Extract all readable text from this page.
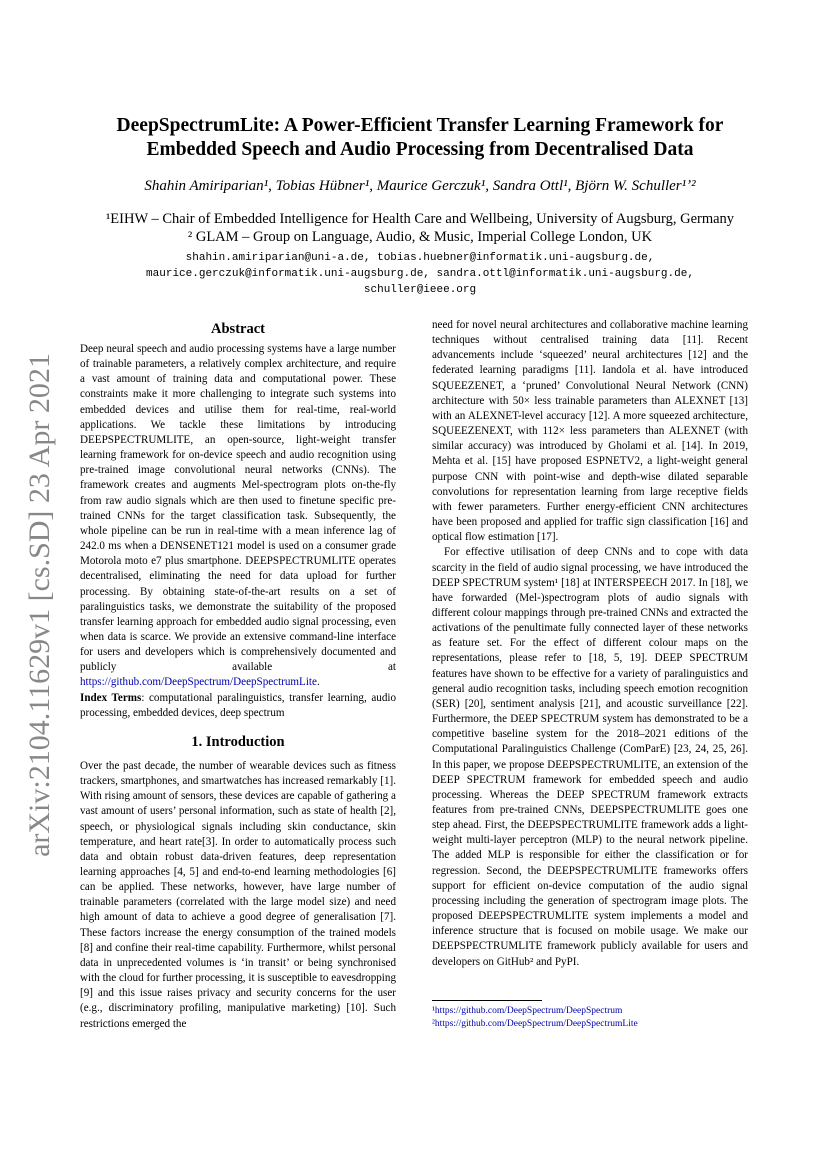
arXiv:2104.11629v1 [cs.SD] 23 Apr 2021
DeepSpectrumLite: A Power-Efficient Transfer Learning Framework for
Embedded Speech and Audio Processing from Decentralised Data
Shahin Amiriparian¹, Tobias Hübner¹, Maurice Gerczuk¹, Sandra Ottl¹, Björn W. Schuller¹ʼ²
¹EIHW – Chair of Embedded Intelligence for Health Care and Wellbeing, University of Augsburg, Germany
² GLAM – Group on Language, Audio, & Music, Imperial College London, UK
shahin.amiriparian@uni-a.de, tobias.huebner@informatik.uni-augsburg.de,
maurice.gerczuk@informatik.uni-augsburg.de, sandra.ottl@informatik.uni-augsburg.de,
schuller@ieee.org
Abstract

Deep neural speech and audio processing systems have a large number of trainable parameters, a relatively complex architecture, and require a vast amount of training data and computational power. These constraints make it more challenging to integrate such systems into embedded devices and utilise them for real-time, real-world applications. We tackle these limitations by introducing DEEPSPECTRUMLITE, an open-source, light-weight transfer learning framework for on-device speech and audio recognition using pre-trained image convolutional neural networks (CNNs). The framework creates and augments Mel-spectrogram plots on-the-fly from raw audio signals which are then used to finetune specific pre-trained CNNs for the target classification task. Subsequently, the whole pipeline can be run in real-time with a mean inference lag of 242.0 ms when a DENSENET121 model is used on a consumer grade Motorola moto e7 plus smartphone. DEEPSPECTRUMLITE operates decentralised, eliminating the need for data upload for further processing. By obtaining state-of-the-art results on a set of paralinguistics tasks, we demonstrate the suitability of the proposed transfer learning approach for embedded audio signal processing, even when data is scarce. We provide an extensive command-line interface for users and developers which is comprehensively documented and publicly available at https://github.com/DeepSpectrum/DeepSpectrumLite.

Index Terms: computational paralinguistics, transfer learning, audio processing, embedded devices, deep spectrum

1. Introduction

Over the past decade, the number of wearable devices such as fitness trackers, smartphones, and smartwatches has increased remarkably [1]. With rising amount of sensors, these devices are capable of gathering a vast amount of users’ personal information, such as state of health [2], speech, or physiological signals including skin conductance, skin temperature, and heart rate[3]. In order to automatically process such data and obtain robust data-driven features, deep representation learning approaches [4, 5] and end-to-end learning methodologies [6] can be applied. These networks, however, have large number of trainable parameters (correlated with the large model size) and need high amount of data to achieve a good degree of generalisation [7]. These factors increase the energy consumption of the trained models [8] and confine their real-time capability. Furthermore, whilst personal data in unprecedented volumes is ‘in transit’ or being synchronised with the cloud for further processing, it is susceptible to eavesdropping [9] and this issue raises privacy and security concerns for the user (e.g., discriminatory profiling, manipulative marketing) [10]. Such restrictions emerged the

need for novel neural architectures and collaborative machine learning techniques without centralised training data [11]. Recent advancements include ‘squeezed’ neural architectures [12] and the federated learning paradigms [11]. Iandola et al. have introduced SQUEEZENET, a ‘pruned’ Convolutional Neural Network (CNN) architecture with 50× less trainable parameters than ALEXNET [13] with an ALEXNET-level accuracy [12]. A more squeezed architecture, SQUEEZENEXT, with 112× less parameters than ALEXNET (with similar accuracy) was introduced by Gholami et al. [14]. In 2019, Mehta et al. [15] have proposed ESPNETV2, a light-weight general purpose CNN with point-wise and depth-wise dilated separable convolutions for representation learning from large receptive fields with fewer parameters. Further energy-efficient CNN architectures have been proposed and applied for traffic sign classification [16] and optical flow estimation [17].

For effective utilisation of deep CNNs and to cope with data scarcity in the field of audio signal processing, we have introduced the DEEP SPECTRUM system¹ [18] at INTERSPEECH 2017. In [18], we have forwarded (Mel-)spectrogram plots of audio signals with different colour mappings through pre-trained CNNs and extracted the activations of the penultimate fully connected layer of these networks as feature set. For the effect of different colour maps on the representations, please refer to [18, 5, 19]. DEEP SPECTRUM features have shown to be effective for a variety of paralinguistics and general audio recognition tasks, including speech emotion recognition (SER) [20], sentiment analysis [21], and acoustic surveillance [22]. Furthermore, the DEEP SPECTRUM system has demonstrated to be a competitive baseline system for the 2018–2021 editions of the Computational Paralinguistics Challenge (ComParE) [23, 24, 25, 26]. In this paper, we propose DEEPSPECTRUMLITE, an extension of the DEEP SPECTRUM framework for embedded speech and audio processing. Whereas the DEEP SPECTRUM framework extracts features from pre-trained CNNs, DEEPSPECTRUMLITE goes one step ahead. First, the DEEPSPECTRUMLITE framework adds a light-weight multi-layer perceptron (MLP) to the neural network pipeline. The added MLP is responsible for either the classification or for regression. Second, the DEEPSPECTRUMLITE frameworks offers support for efficient on-device computation of the audio signal processing including the generation of spectrogram image plots. The proposed DEEPSPECTRUMLITE system implements a model and inference structure that is focused on mobile usage. We make our DEEPSPECTRUMLITE framework publicly available for users and developers on GitHub² and PyPI.

¹https://github.com/DeepSpectrum/DeepSpectrum
²https://github.com/DeepSpectrum/DeepSpectrumLite
